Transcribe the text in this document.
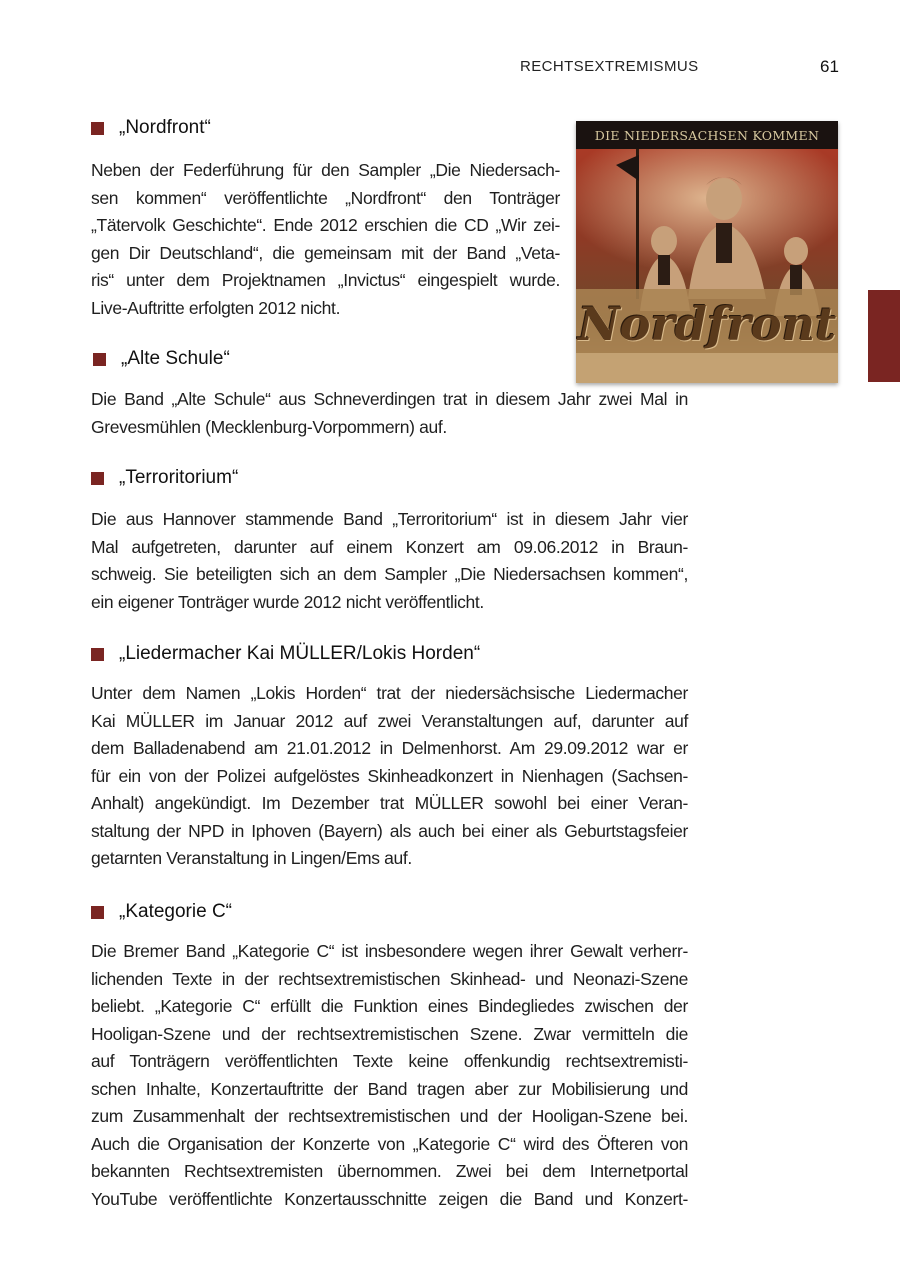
RECHTSEXTREMISMUS	61
DIE NIEDERSACHSEN KOMMEN
Nordfront
„Nordfront“
Neben der Federführung für den Sampler „Die Niedersach-
sen kommen“ veröffentlichte „Nordfront“ den Tonträger
„Tätervolk Geschichte“. Ende 2012 erschien die CD „Wir zei-
gen Dir Deutschland“, die gemeinsam mit der Band „Veta-
ris“ unter dem Projektnamen „Invictus“ eingespielt wurde.
Live-Auftritte erfolgten 2012 nicht.
„Alte Schule“
Die Band „Alte Schule“ aus Schneverdingen trat in diesem Jahr zwei Mal in
Grevesmühlen (Mecklenburg-Vorpommern) auf.
„Terroritorium“
Die aus Hannover stammende Band „Terroritorium“ ist in diesem Jahr vier
Mal aufgetreten, darunter auf einem Konzert am 09.06.2012 in Braun-
schweig. Sie beteiligten sich an dem Sampler „Die Niedersachsen kommen“,
ein eigener Tonträger wurde 2012 nicht veröffentlicht.
„Liedermacher Kai MÜLLER/Lokis Horden“
Unter dem Namen „Lokis Horden“ trat der niedersächsische Liedermacher
Kai MÜLLER im Januar 2012 auf zwei Veranstaltungen auf, darunter auf
dem Balladenabend am 21.01.2012 in Delmenhorst. Am 29.09.2012 war er
für ein von der Polizei aufgelöstes Skinheadkonzert in Nienhagen (Sachsen-
Anhalt) angekündigt. Im Dezember trat MÜLLER sowohl bei einer Veran-
staltung der NPD in Iphoven (Bayern) als auch bei einer als Geburtstagsfeier
getarnten Veranstaltung in Lingen/Ems auf.
„Kategorie C“
Die Bremer Band „Kategorie C“ ist insbesondere wegen ihrer Gewalt verherr-
lichenden Texte in der rechtsextremistischen Skinhead- und Neonazi-Szene
beliebt. „Kategorie C“ erfüllt die Funktion eines Bindegliedes zwischen der
Hooligan-Szene und der rechtsextremistischen Szene. Zwar vermitteln die
auf Tonträgern veröffentlichten Texte keine offenkundig rechtsextremisti-
schen Inhalte, Konzertauftritte der Band tragen aber zur Mobilisierung und
zum Zusammenhalt der rechtsextremistischen und der Hooligan-Szene bei.
Auch die Organisation der Konzerte von „Kategorie C“ wird des Öfteren von
bekannten Rechtsextremisten übernommen. Zwei bei dem Internetportal
YouTube veröffentlichte Konzertausschnitte zeigen die Band und Konzert-
